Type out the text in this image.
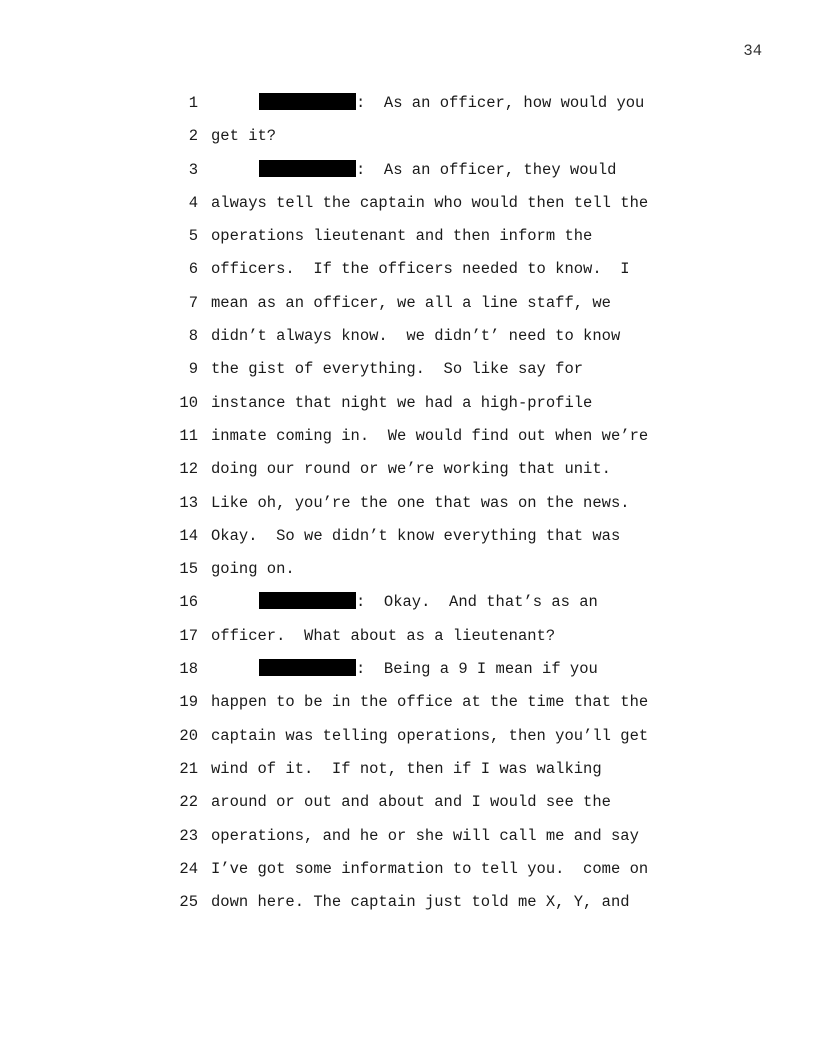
34
1	:  As an officer, how would you
2 get it?
3	:  As an officer, they would
4 always tell the captain who would then tell the
5 operations lieutenant and then inform the
6 officers.  If the officers needed to know.  I
7 mean as an officer, we all a line staff, we
8 didn’t always know.  we didn’t’ need to know
9 the gist of everything.  So like say for
10 instance that night we had a high-profile
11 inmate coming in.  We would find out when we’re
12 doing our round or we’re working that unit.
13 Like oh, you’re the one that was on the news.
14 Okay.  So we didn’t know everything that was
15 going on.
16	:  Okay.  And that’s as an
17 officer.  What about as a lieutenant?
18	:  Being a 9 I mean if you
19 happen to be in the office at the time that the
20 captain was telling operations, then you’ll get
21 wind of it.  If not, then if I was walking
22 around or out and about and I would see the
23 operations, and he or she will call me and say
24 I’ve got some information to tell you.  come on
25 down here. The captain just told me X, Y, and
